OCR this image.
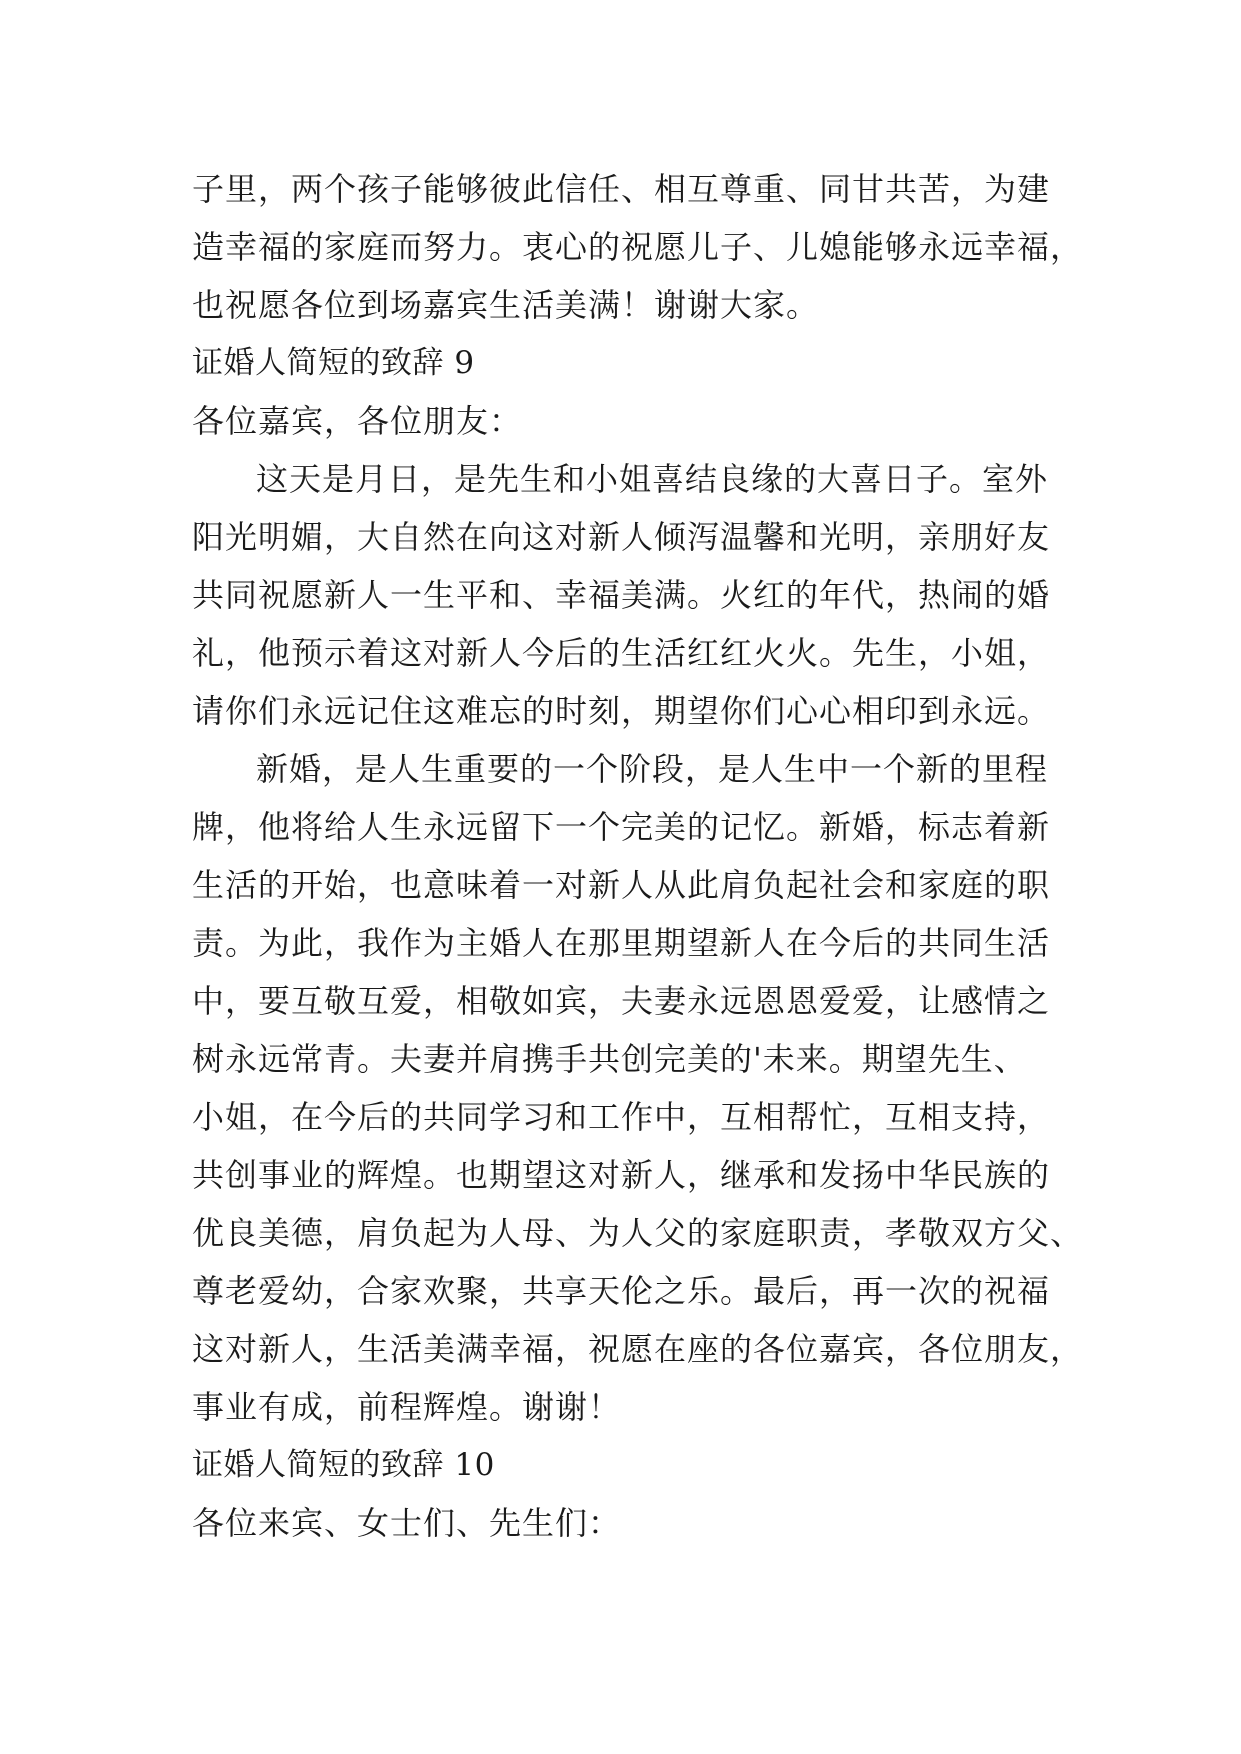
子里，两个孩子能够彼此信任、相互尊重、同甘共苦，为建
造幸福的家庭而努力。衷心的祝愿儿子、儿媳能够永远幸福，
也祝愿各位到场嘉宾生活美满！谢谢大家。
证婚人简短的致辞 9
各位嘉宾，各位朋友：
这天是月日，是先生和小姐喜结良缘的大喜日子。室外
阳光明媚，大自然在向这对新人倾泻温馨和光明，亲朋好友
共同祝愿新人一生平和、幸福美满。火红的年代，热闹的婚
礼，他预示着这对新人今后的生活红红火火。先生，小姐，
请你们永远记住这难忘的时刻，期望你们心心相印到永远。
新婚，是人生重要的一个阶段，是人生中一个新的里程
牌，他将给人生永远留下一个完美的记忆。新婚，标志着新
生活的开始，也意味着一对新人从此肩负起社会和家庭的职
责。为此，我作为主婚人在那里期望新人在今后的共同生活
中，要互敬互爱，相敬如宾，夫妻永远恩恩爱爱，让感情之
树永远常青。夫妻并肩携手共创完美的'未来。期望先生、
小姐，在今后的共同学习和工作中，互相帮忙，互相支持，
共创事业的辉煌。也期望这对新人，继承和发扬中华民族的
优良美德，肩负起为人母、为人父的家庭职责，孝敬双方父、
尊老爱幼，合家欢聚，共享天伦之乐。最后，再一次的祝福
这对新人，生活美满幸福，祝愿在座的各位嘉宾，各位朋友，
事业有成，前程辉煌。谢谢！
证婚人简短的致辞 10
各位来宾、女士们、先生们：
